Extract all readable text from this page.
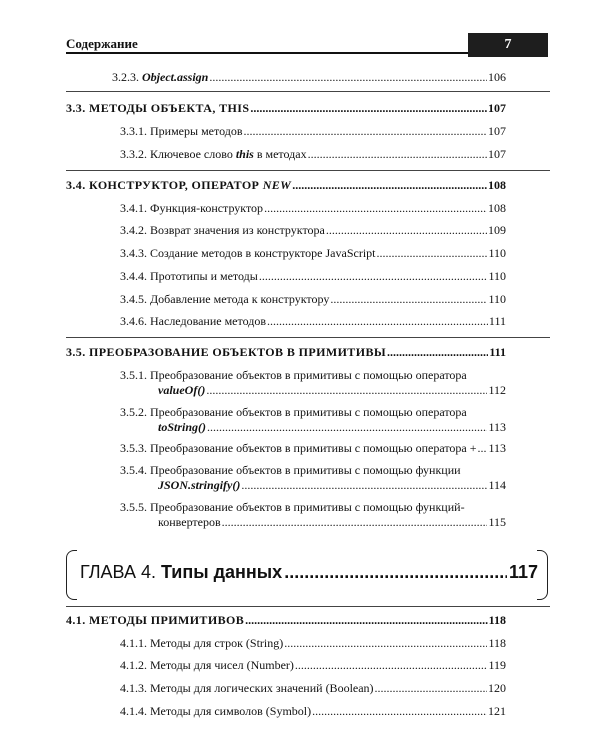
Содержание	7
3.2.3. Object.assign .....	106
3.3. МЕТОДЫ ОБЪЕКТА, THIS .....	107
3.3.1. Примеры методов .....	107
3.3.2. Ключевое слово this в методах .....	107
3.4. КОНСТРУКТОР, ОПЕРАТОР NEW .....	108
3.4.1. Функция-конструктор .....	108
3.4.2. Возврат значения из конструктора .....	109
3.4.3. Создание методов в конструкторе JavaScript .....	110
3.4.4. Прототипы и методы .....	110
3.4.5. Добавление метода к конструктору .....	110
3.4.6. Наследование методов .....	111
3.5. ПРЕОБРАЗОВАНИЕ ОБЪЕКТОВ В ПРИМИТИВЫ .....	111
3.5.1. Преобразование объектов в примитивы с помощью оператора
valueOf() .....	112
3.5.2. Преобразование объектов в примитивы с помощью оператора
toString() .....	113
3.5.3. Преобразование объектов в примитивы с помощью оператора + ..... 113
3.5.4. Преобразование объектов в примитивы с помощью функции
JSON.stringify() .....	114
3.5.5. Преобразование объектов в примитивы с помощью функций-
конвертеров .....	115
ГЛАВА 4.
Типы данных .....	117
4.1. МЕТОДЫ ПРИМИТИВОВ .....	118
4.1.1. Методы для строк (String) .....	118
4.1.2. Методы для чисел (Number) .....	119
4.1.3. Методы для логических значений (Boolean) .....	120
4.1.4. Методы для символов (Symbol) .....	121
